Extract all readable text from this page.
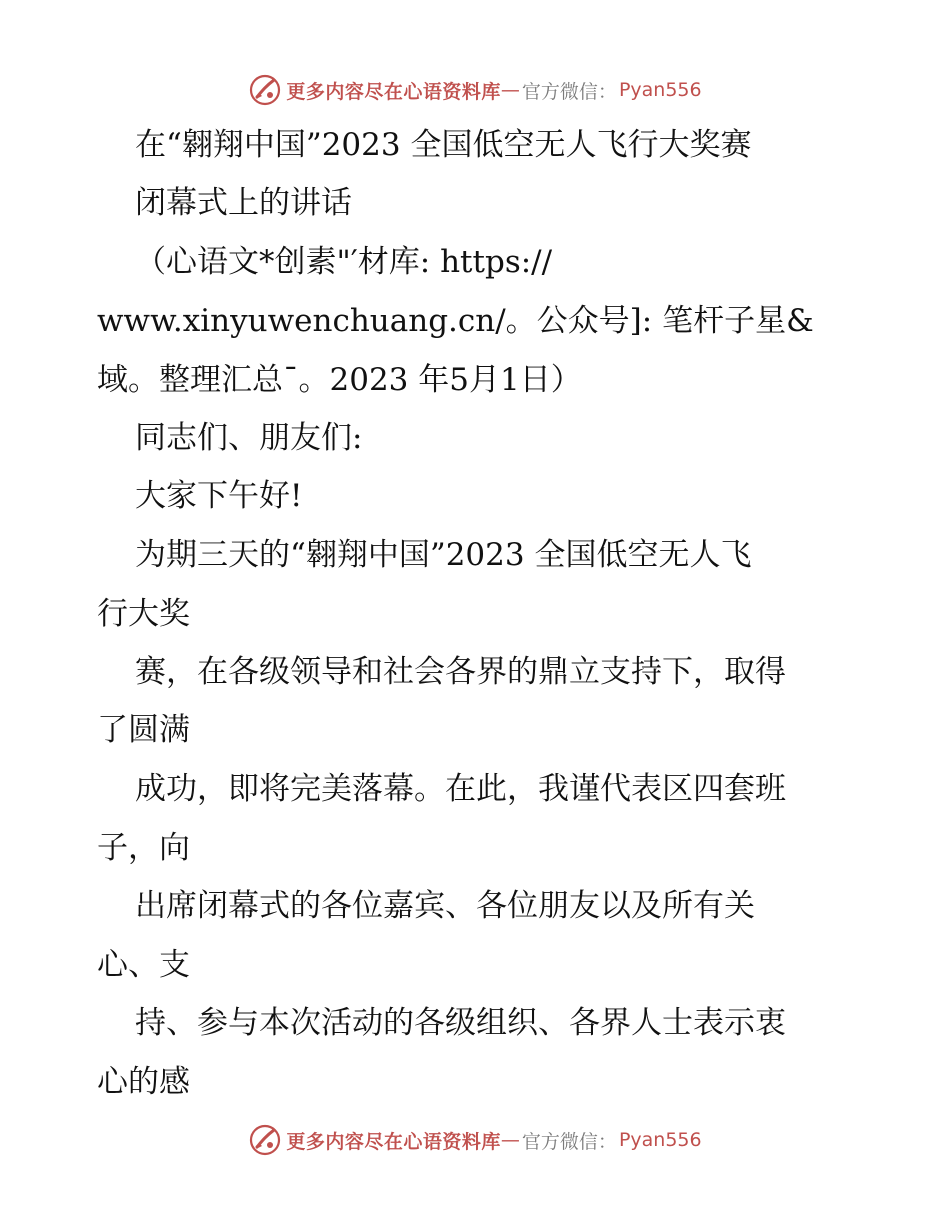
更多内容尽在心语资料库 — 官方微信： Pyan556
在“翱翔中国”2023 全国低空无人飞行大奖赛
闭幕式上的讲话
（心语文*创素"′材库: https://
www.xinyuwenchuang.cn/。公众号]: 笔杆子星&
域。整理汇总¯。2023 年5月1日）
同志们、朋友们:
大家下午好!
为期三天的“翱翔中国”2023 全国低空无人飞
行大奖
赛，在各级领导和社会各界的鼎立支持下，取得
了圆满
成功，即将完美落幕。在此，我谨代表区四套班
子，向
出席闭幕式的各位嘉宾、各位朋友以及所有关
心、支
持、参与本次活动的各级组织、各界人士表示衷
心的感
更多内容尽在心语资料库 — 官方微信： Pyan556
